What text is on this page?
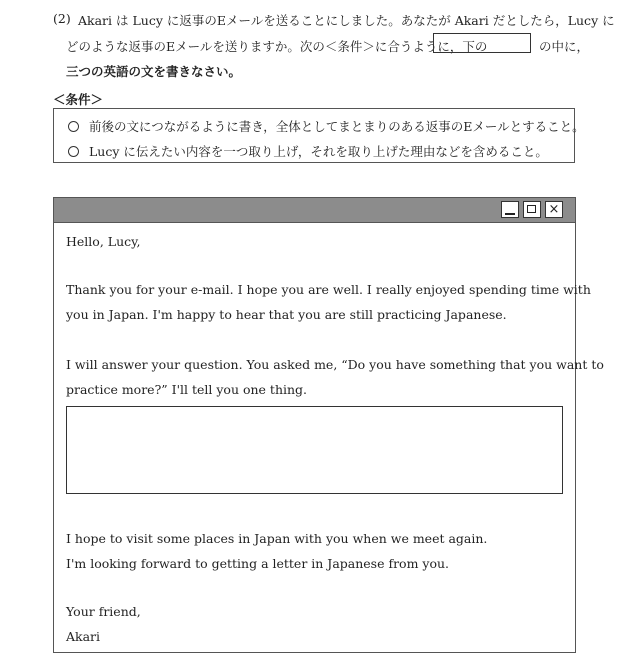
(2) Akari は Lucy に返事のEメールを送ることにしました。あなたが Akari だとしたら，Lucy に
どのような返事のEメールを送りますか。次の＜条件＞に合うように，下の	の中に，
三つの英語の文を書きなさい。
＜条件＞
前後の文につながるように書き，全体としてまとまりのある返事のEメールとすること。
Lucy に伝えたい内容を一つ取り上げ，それを取り上げた理由などを含めること。
×
Hello, Lucy,
Thank you for your e-mail. I hope you are well. I really enjoyed spending time with
you in Japan. I'm happy to hear that you are still practicing Japanese.
I will answer your question. You asked me, “Do you have something that you want to
practice more?” I'll tell you one thing.
I hope to visit some places in Japan with you when we meet again.
I'm looking forward to getting a letter in Japanese from you.
Your friend,
Akari
